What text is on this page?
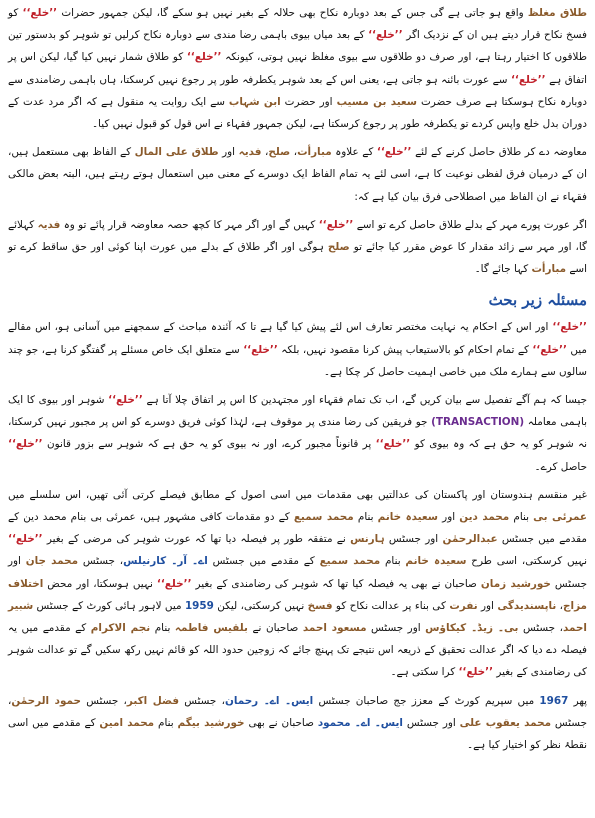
طلاق مغلظ واقع ہو جاتی ہے گی جس کے بعد دوبارہ نکاح بھی حلالہ کے بغیر نہیں ہو سکے گا، لیکن جمہور حضرات ’’خلع‘‘ کو فسخ نکاح قرار دیتے ہیں ان کے نزدیک اگر ’’خلع‘‘ کے بعد میاں بیوی باہمی رضا مندی سے دوبارہ نکاح کرلیں تو شوہر کو بدستور تین طلاقوں کا اختیار رہتا ہے، اور صرف دو طلاقوں سے بیوی مغلظ نہیں ہوتی، کیونکہ ’’خلع‘‘ کو طلاق شمار نہیں کیا گیا، لیکن اس پر اتفاق ہے ’’خلع‘‘ سے عورت بائنہ ہو جاتی ہے، یعنی اس کے بعد شوہر یکطرفہ طور پر رجوع نہیں کرسکتا، ہاں باہمی رضامندی سے دوبارہ نکاح ہوسکتا ہے صرف حضرت سعید بن مسیب اور حضرت ابن شہاب سے ایک روایت یہ منقول ہے کہ اگر مرد عدت کے دوران بدل خلع واپس کردے تو یکطرفہ طور پر رجوع کرسکتا ہے، لیکن جمہور فقہاء نے اس قول کو قبول نہیں کیا۔

معاوضہ دے کر طلاق حاصل کرنے کے لئے ’’خلع‘‘ کے علاوہ مبارأت، صلح، فدیہ اور طلاق علی المال کے الفاظ بھی مستعمل ہیں، ان کے درمیان فرق لفظی نوعیت کا ہے، اسی لئے یہ تمام الفاظ ایک دوسرے کے معنی میں استعمال ہوتے رہتے ہیں، البتہ بعض مالکی فقہاء نے ان الفاظ میں اصطلاحی فرق بیان کیا ہے کہ:

اگر عورت پورے مہر کے بدلے طلاق حاصل کرے تو اسے ’’خلع‘‘ کہیں گے اور اگر مہر کا کچھ حصہ معاوضہ قرار پائے تو وہ فدیہ کہلائے گا، اور مہر سے زائد مقدار کا عوض مقرر کیا جائے تو صلح ہوگی اور اگر طلاق کے بدلے میں عورت اپنا کوئی اور حق ساقط کرے تو اسے مبارأت کہا جائے گا۔

مسئلہ زیر بحث

’’خلع‘‘ اور اس کے احکام یہ نہایت مختصر تعارف اس لئے پیش کیا گیا ہے تا کہ آئندہ مباحث کے سمجھنے میں آسانی ہو، اس مقالے میں ’’خلع‘‘ کے تمام احکام کو بالاستیعاب پیش کرنا مقصود نہیں، بلکہ ’’خلع‘‘ سے متعلق ایک خاص مسئلے پر گفتگو کرنا ہے، جو چند سالوں سے ہمارے ملک میں خاصی اہمیت حاصل کر چکا ہے۔

جیسا کہ ہم آگے تفصیل سے بیان کریں گے، اب تک تمام فقہاء اور مجتہدین کا اس پر اتفاق چلا آتا ہے ’’خلع‘‘ شوہر اور بیوی کا ایک باہمی معاملہ (TRANSACTION) جو فریقین کی رضا مندی پر موقوف ہے، لہٰذا کوئی فریق دوسرے کو اس پر مجبور نہیں کرسکتا، نہ شوہر کو یہ حق ہے کہ وہ بیوی کو ’’خلع‘‘ پر قانوناً مجبور کرے، اور نہ بیوی کو یہ حق ہے کہ شوہر سے بزور قانون ’’خلع‘‘ حاصل کرے۔

غیر منقسم ہندوستان اور پاکستان کی عدالتیں بھی مقدمات میں اسی اصول کے مطابق فیصلے کرتی آئی تھیں، اس سلسلے میں عمرئی بی بنام محمد دین اور سعیدہ خانم بنام محمد سمیع کے دو مقدمات کافی مشہور ہیں، عمرئی بی بنام محمد دین کے مقدمے میں جسٹس عبدالرحمٰن اور جسٹس ہارنس نے متفقہ طور پر فیصلہ دیا تھا کہ عورت شوہر کی مرضی کے بغیر ’’خلع‘‘ نہیں کرسکتی، اسی طرح سعیدہ خانم بنام محمد سمیع کے مقدمے میں جسٹس اے۔ آر۔ کارنیلس، جسٹس محمد جان اور جسٹس خورشید زمان صاحبان نے بھی یہ فیصلہ کیا تھا کہ شوہر کی رضامندی کے بغیر ’’خلع‘‘ نہیں ہوسکتا، اور محض اختلاف مزاج، ناپسندیدگی اور نفرت کی بناء پر عدالت نکاح کو فسخ نہیں کرسکتی، لیکن 1959 میں لاہور ہائی کورٹ کے جسٹس شبیر احمد، جسٹس بی۔ زیڈ۔ کیکاؤس اور جسٹس مسعود احمد صاحبان نے بلقیس فاطمہ بنام نجم الاکرام کے مقدمے میں یہ فیصلہ دے دیا کہ اگر عدالت تحقیق کے ذریعہ اس نتیجے تک پہنچ جائے کہ زوجین حدود اللہ کو قائم نہیں رکھ سکیں گے تو عدالت شوہر کی رضامندی کے بغیر ’’خلع‘‘ کرا سکتی ہے۔

پھر 1967 میں سپریم کورٹ کے معزز جج صاحبان جسٹس ایس۔ اے۔ رحمان، جسٹس فضل اکبر، جسٹس حمود الرحمٰن، جسٹس محمد یعقوب علی اور جسٹس ایس۔ اے۔ محمود صاحبان نے بھی خورشید بیگم بنام محمد امین کے مقدمے میں اسی نقطۂ نظر کو اختیار کیا ہے۔
